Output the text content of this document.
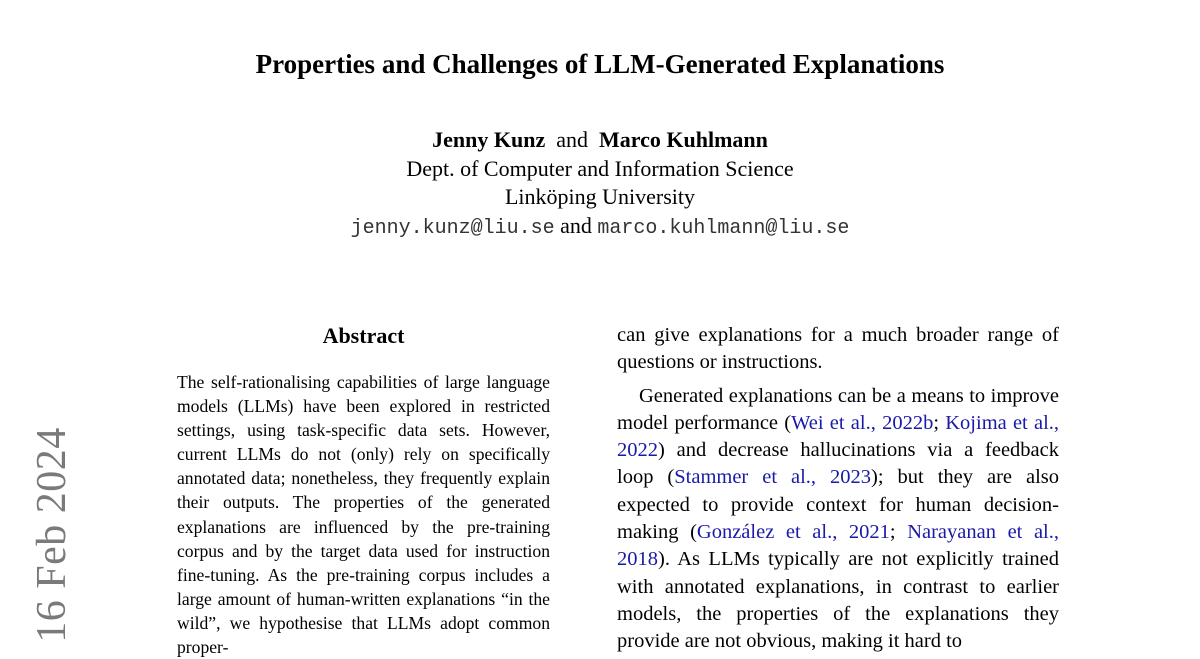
Properties and Challenges of LLM-Generated Explanations
Jenny Kunz and Marco Kuhlmann
Dept. of Computer and Information Science
Linköping University
jenny.kunz@liu.se and marco.kuhlmann@liu.se
16 Feb 2024
Abstract

The self-rationalising capabilities of large language models (LLMs) have been explored in restricted settings, using task-specific data sets. However, current LLMs do not (only) rely on specifically annotated data; nonetheless, they frequently explain their outputs. The properties of the generated explanations are influenced by the pre-training corpus and by the target data used for instruction fine-tuning. As the pre-training corpus includes a large amount of human-written explanations “in the wild”, we hypothesise that LLMs adopt common proper-

can give explanations for a much broader range of questions or instructions.

Generated explanations can be a means to improve model performance (Wei et al., 2022b; Kojima et al., 2022) and decrease hallucinations via a feedback loop (Stammer et al., 2023); but they are also expected to provide context for human decision-making (González et al., 2021; Narayanan et al., 2018). As LLMs typically are not explicitly trained with annotated explanations, in contrast to earlier models, the properties of the explanations they provide are not obvious, making it hard to
